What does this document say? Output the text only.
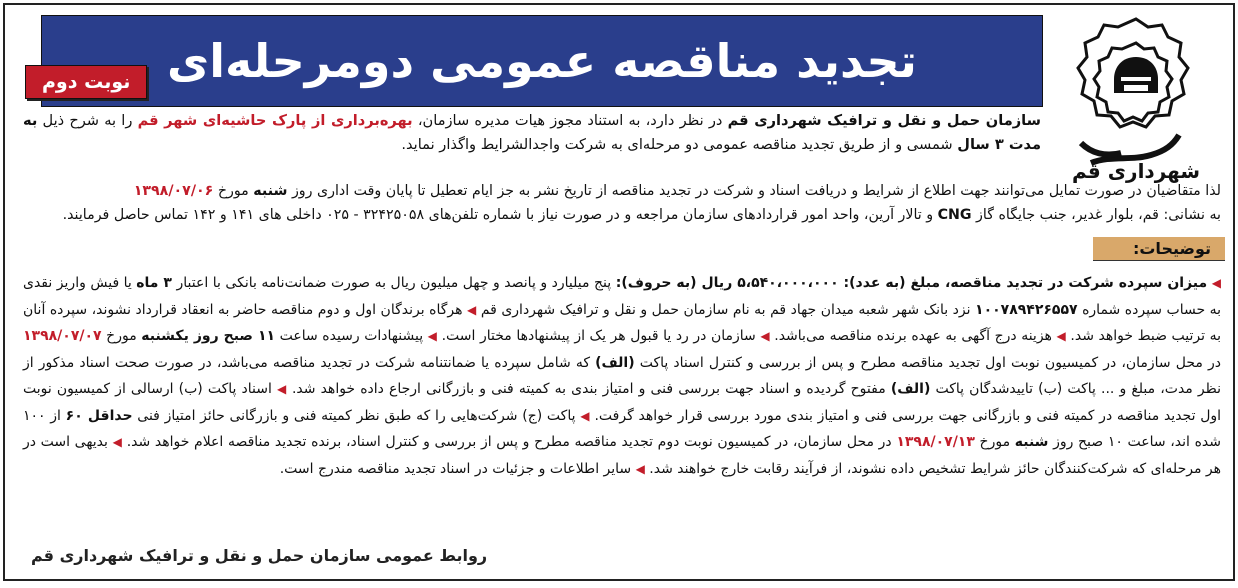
شهرداری قم
تجدید مناقصه عمومی دومرحله‌ای
نوبت دوم
سازمان حمل و نقل و ترافیک شهرداری قم در نظر دارد، به استناد مجوز هیات مدیره سازمان، بهره‌برداری از پارک حاشیه‌ای شهر قم را به شرح ذیل به مدت ۳ سال شمسی و از طریق تجدید مناقصه عمومی دو مرحله‌ای به شرکت واجدالشرایط واگذار نماید.
لذا متقاضیان در صورت تمایل می‌توانند جهت اطلاع از شرایط و دریافت اسناد و شرکت در تجدید مناقصه از تاریخ نشر به جز ایام تعطیل تا پایان وقت اداری روز شنبه مورخ ۱۳۹۸/۰۷/۰۶
به نشانی: قم، بلوار غدیر، جنب جایگاه گاز CNG و تالار آرین، واحد امور قراردادهای سازمان مراجعه و در صورت نیاز با شماره تلفن‌های ۳۲۴۲۵۰۵۸ - ۰۲۵ داخلی های ۱۴۱ و ۱۴۲ تماس حاصل فرمایند.
توضیحات:
◀ میزان سپرده شرکت در تجدید مناقصه، مبلغ (به عدد): ۵،۵۴۰،۰۰۰،۰۰۰ ریال (به حروف): پنج میلیارد و پانصد و چهل میلیون ریال به صورت ضمانت‌نامه بانکی با اعتبار ۳ ماه یا فیش واریز نقدی به حساب سپرده شماره ۱۰۰۷۸۹۴۲۶۵۵۷ نزد بانک شهر شعبه میدان جهاد قم به نام سازمان حمل و نقل و ترافیک شهرداری قم ◀ هرگاه برندگان اول و دوم مناقصه حاضر به انعقاد قرارداد نشوند، سپرده آنان به ترتیب ضبط خواهد شد. ◀ هزینه درج آگهی به عهده برنده مناقصه می‌باشد. ◀ سازمان در رد یا قبول هر یک از پیشنهادها مختار است. ◀ پیشنهادات رسیده ساعت ۱۱ صبح روز یکشنبه مورخ ۱۳۹۸/۰۷/۰۷ در محل سازمان، در کمیسیون نوبت اول تجدید مناقصه مطرح و پس از بررسی و کنترل اسناد پاکت (الف) که شامل سپرده یا ضمانتنامه شرکت در تجدید مناقصه می‌باشد، در صورت صحت اسناد مذکور از نظر مدت، مبلغ و ... پاکت (ب) تاییدشدگان پاکت (الف) مفتوح گردیده و اسناد جهت بررسی فنی و امتیاز بندی به کمیته فنی و بازرگانی ارجاع داده خواهد شد. ◀ اسناد پاکت (ب) ارسالی از کمیسیون نوبت اول تجدید مناقصه در کمیته فنی و بازرگانی جهت بررسی فنی و امتیاز بندی مورد بررسی قرار خواهد گرفت. ◀ پاکت (ج) شرکت‌هایی را که طبق نظر کمیته فنی و بازرگانی حائز امتیاز فنی حداقل ۶۰ از ۱۰۰ شده اند، ساعت ۱۰ صبح روز شنبه مورخ ۱۳۹۸/۰۷/۱۳ در محل سازمان، در کمیسیون نوبت دوم تجدید مناقصه مطرح و پس از بررسی و کنترل اسناد، برنده تجدید مناقصه اعلام خواهد شد. ◀ بدیهی است در هر مرحله‌ای که شرکت‌کنندگان حائز شرایط تشخیص داده نشوند، از فرآیند رقابت خارج خواهند شد. ◀ سایر اطلاعات و جزئیات در اسناد تجدید مناقصه مندرج است.
روابط عمومی سازمان حمل و نقل و ترافیک شهرداری قم
